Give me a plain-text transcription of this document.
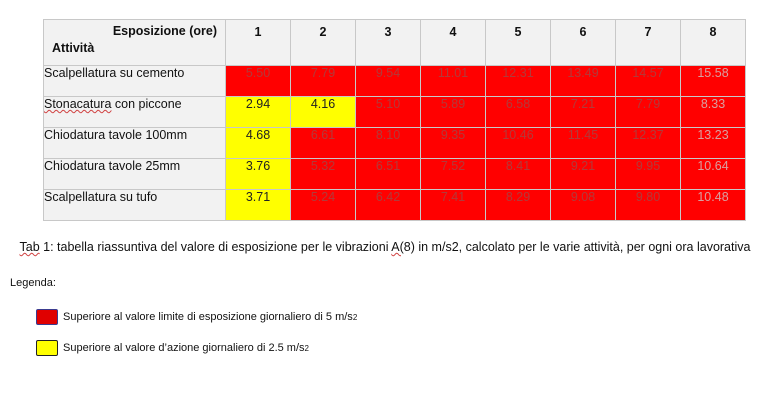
Esposizione (ore)
Attività	1	2	3	4	5	6	7	8
Scalpellatura su cemento	5.50	7.79	9.54	11.01	12.31	13.49	14.57	15.58
Stonacatura con piccone	2.94	4.16	5.10	5.89	6.58	7.21	7.79	8.33
Chiodatura tavole 100mm	4.68	6.61	8.10	9.35	10.46	11.45	12.37	13.23
Chiodatura tavole 25mm	3.76	5.32	6.51	7.52	8.41	9.21	9.95	10.64
Scalpellatura su tufo	3.71	5.24	6.42	7.41	8.29	9.08	9.80	10.48
Tab 1: tabella riassuntiva del valore di esposizione per le vibrazioni A(8) in m/s2, calcolato per le varie attività, per ogni ora lavorativa
Legenda:
Superiore al valore limite di esposizione giornaliero di 5 m/s 2
Superiore al valore d’azione giornaliero di 2.5 m/s 2
